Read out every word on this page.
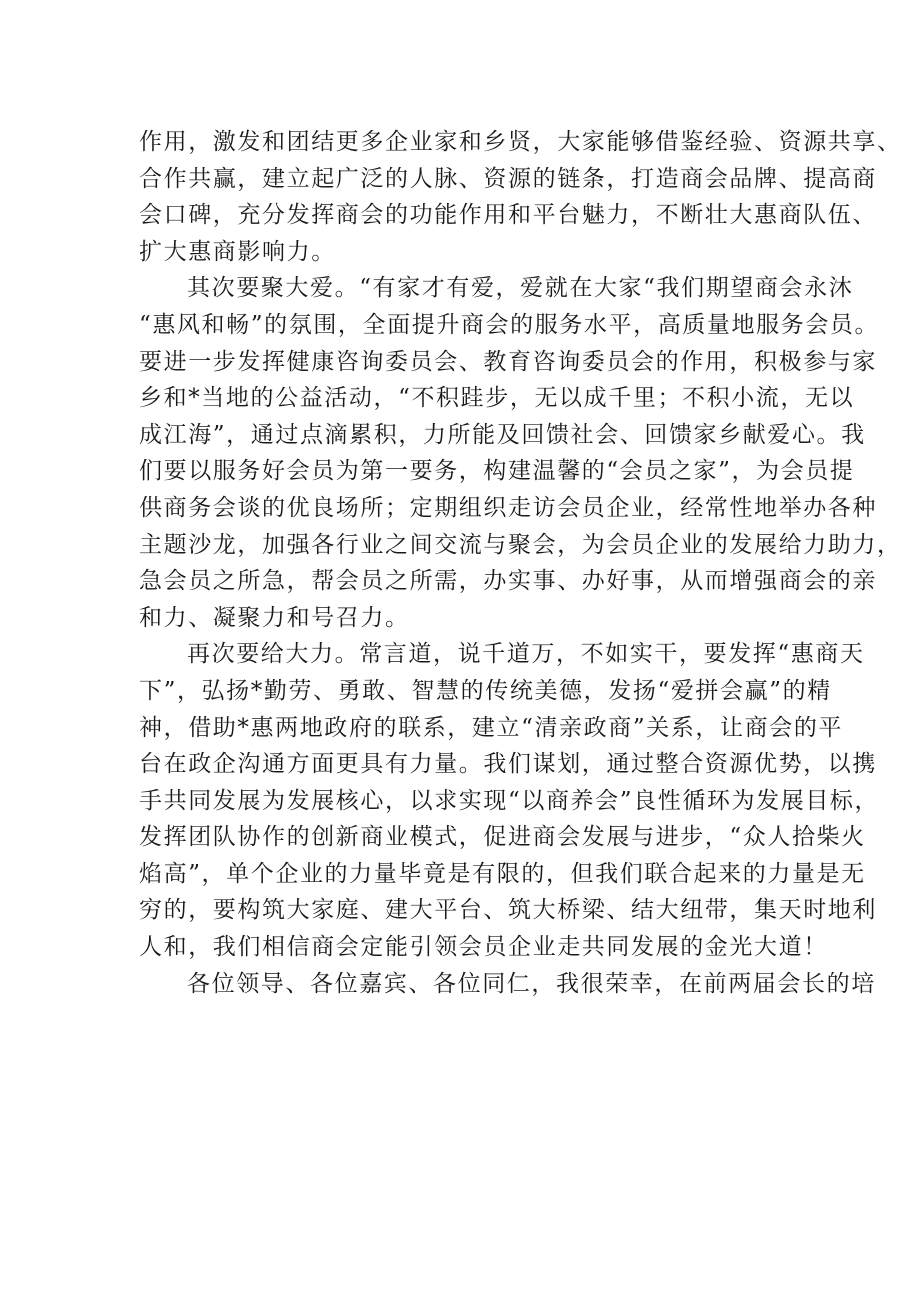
作用，激发和团结更多企业家和乡贤，大家能够借鉴经验、资源共享、
合作共赢，建立起广泛的人脉、资源的链条，打造商会品牌、提高商
会口碑，充分发挥商会的功能作用和平台魅力，不断壮大惠商队伍、
扩大惠商影响力。
其次要聚大爱。“有家才有爱，爱就在大家“我们期望商会永沐
“惠风和畅”的氛围，全面提升商会的服务水平，高质量地服务会员。
要进一步发挥健康咨询委员会、教育咨询委员会的作用，积极参与家
乡和*当地的公益活动，“不积跬步，无以成千里；不积小流，无以
成江海”，通过点滴累积，力所能及回馈社会、回馈家乡献爱心。我
们要以服务好会员为第一要务，构建温馨的“会员之家”，为会员提
供商务会谈的优良场所；定期组织走访会员企业，经常性地举办各种
主题沙龙，加强各行业之间交流与聚会，为会员企业的发展给力助力，
急会员之所急，帮会员之所需，办实事、办好事，从而增强商会的亲
和力、凝聚力和号召力。
再次要给大力。常言道，说千道万，不如实干，要发挥“惠商天
下”，弘扬*勤劳、勇敢、智慧的传统美德，发扬“爱拼会赢”的精
神，借助*惠两地政府的联系，建立“清亲政商”关系，让商会的平
台在政企沟通方面更具有力量。我们谋划，通过整合资源优势，以携
手共同发展为发展核心，以求实现“以商养会”良性循环为发展目标，
发挥团队协作的创新商业模式，促进商会发展与进步，“众人拾柴火
焰高”，单个企业的力量毕竟是有限的，但我们联合起来的力量是无
穷的，要构筑大家庭、建大平台、筑大桥梁、结大纽带，集天时地利
人和，我们相信商会定能引领会员企业走共同发展的金光大道！
各位领导、各位嘉宾、各位同仁，我很荣幸，在前两届会长的培
